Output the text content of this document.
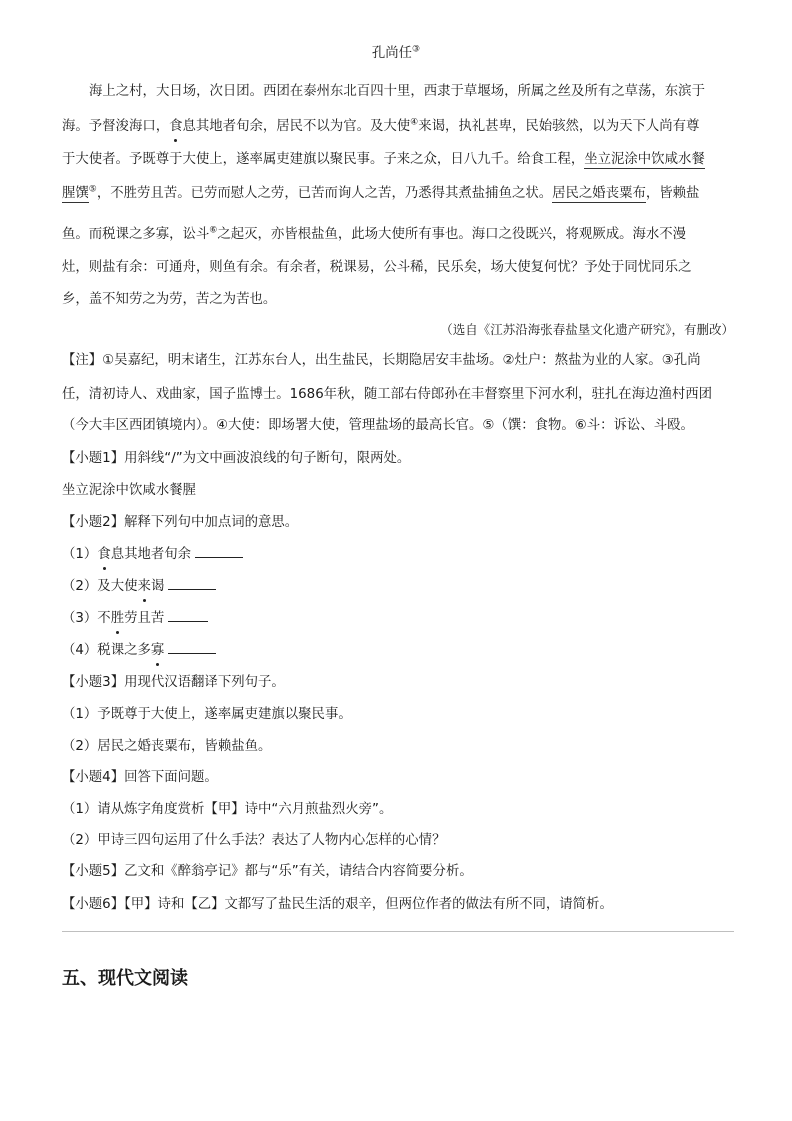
孔尚任③
海上之村，大日场，次日团。西团在泰州东北百四十里，西隶于草堰场，所属之丝及所有之草荡，东滨于
海。予督浚海口，食息其地者旬余，居民不以为官。及大使④来谒，执礼甚卑，民始骇然，以为天下人尚有尊
于大使者。予既尊于大使上，遂率属吏建旗以聚民事。子来之众，日八九千。给食工程，坐立泥涂中饮咸水餐
腥馔⑤，不胜劳且苦。已劳而慰人之劳，已苦而询人之苦，乃悉得其煮盐捕鱼之状。居民之婚丧粟布，皆赖盐
鱼。而税课之多寡，讼斗⑥之起灭，亦皆根盐鱼，此场大使所有事也。海口之役既兴，将观厥成。海水不漫
灶，则盐有余：可通舟，则鱼有余。有余者，税课易，公斗稀，民乐矣，场大使复何忧？予处于同忧同乐之
乡，盖不知劳之为劳，苦之为苦也。
（选自《江苏沿海张春盐垦文化遗产研究》，有删改）
【注】①吴嘉纪，明末诸生，江苏东台人，出生盐民，长期隐居安丰盐场。②灶户：熬盐为业的人家。③孔尚
任，清初诗人、戏曲家，国子监博士。1686年秋，随工部右侍郎孙在丰督察里下河水利，驻扎在海边渔村西团
（今大丰区西团镇境内）。④大使：即场署大使，管理盐场的最高长官。⑤（馔：食物。⑥斗：诉讼、斗殴。
【小题1】用斜线“/”为文中画波浪线的句子断句，限两处。
坐立泥涂中饮咸水餐腥
【小题2】解释下列句中加点词的意思。
（1）食息其地者旬余
（2）及大使来谒
（3）不胜劳且苦
（4）税课之多寡
【小题3】用现代汉语翻译下列句子。
（1）予既尊于大使上，遂率属吏建旗以聚民事。
（2）居民之婚丧粟布，皆赖盐鱼。
【小题4】回答下面问题。
（1）请从炼字角度赏析【甲】诗中“六月煎盐烈火旁”。
（2）甲诗三四句运用了什么手法？表达了人物内心怎样的心情？
【小题5】乙文和《醉翁亭记》都与“乐”有关，请结合内容简要分析。
【小题6】【甲】诗和【乙】文都写了盐民生活的艰辛，但两位作者的做法有所不同，请简析。
五、现代文阅读
